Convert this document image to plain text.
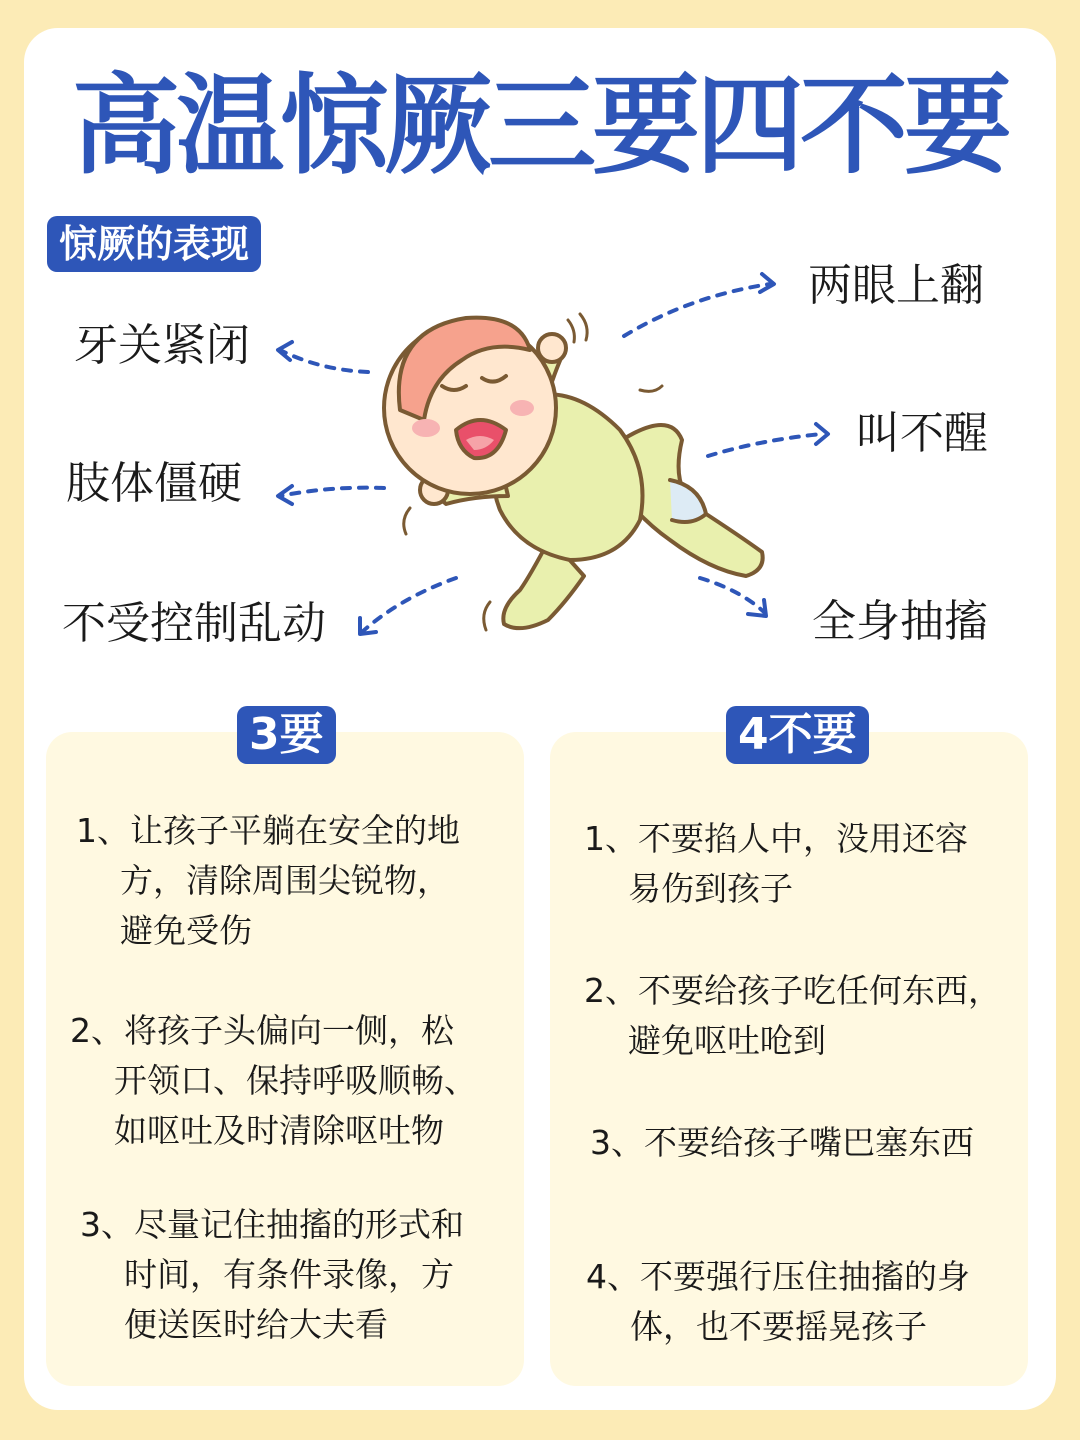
高温惊厥三要四不要
惊厥的表现
牙关紧闭
肢体僵硬
不受控制乱动
两眼上翻
叫不醒
全身抽搐
3要
1、让孩子平躺在安全的地
方，清除周围尖锐物，
避免受伤
2、将孩子头偏向一侧，松
开领口、保持呼吸顺畅、
如呕吐及时清除呕吐物
3、尽量记住抽搐的形式和
时间，有条件录像，方
便送医时给大夫看
4不要
1、不要掐人中，没用还容
易伤到孩子
2、不要给孩子吃任何东西，
避免呕吐呛到
3、不要给孩子嘴巴塞东西
4、不要强行压住抽搐的身
体，也不要摇晃孩子
